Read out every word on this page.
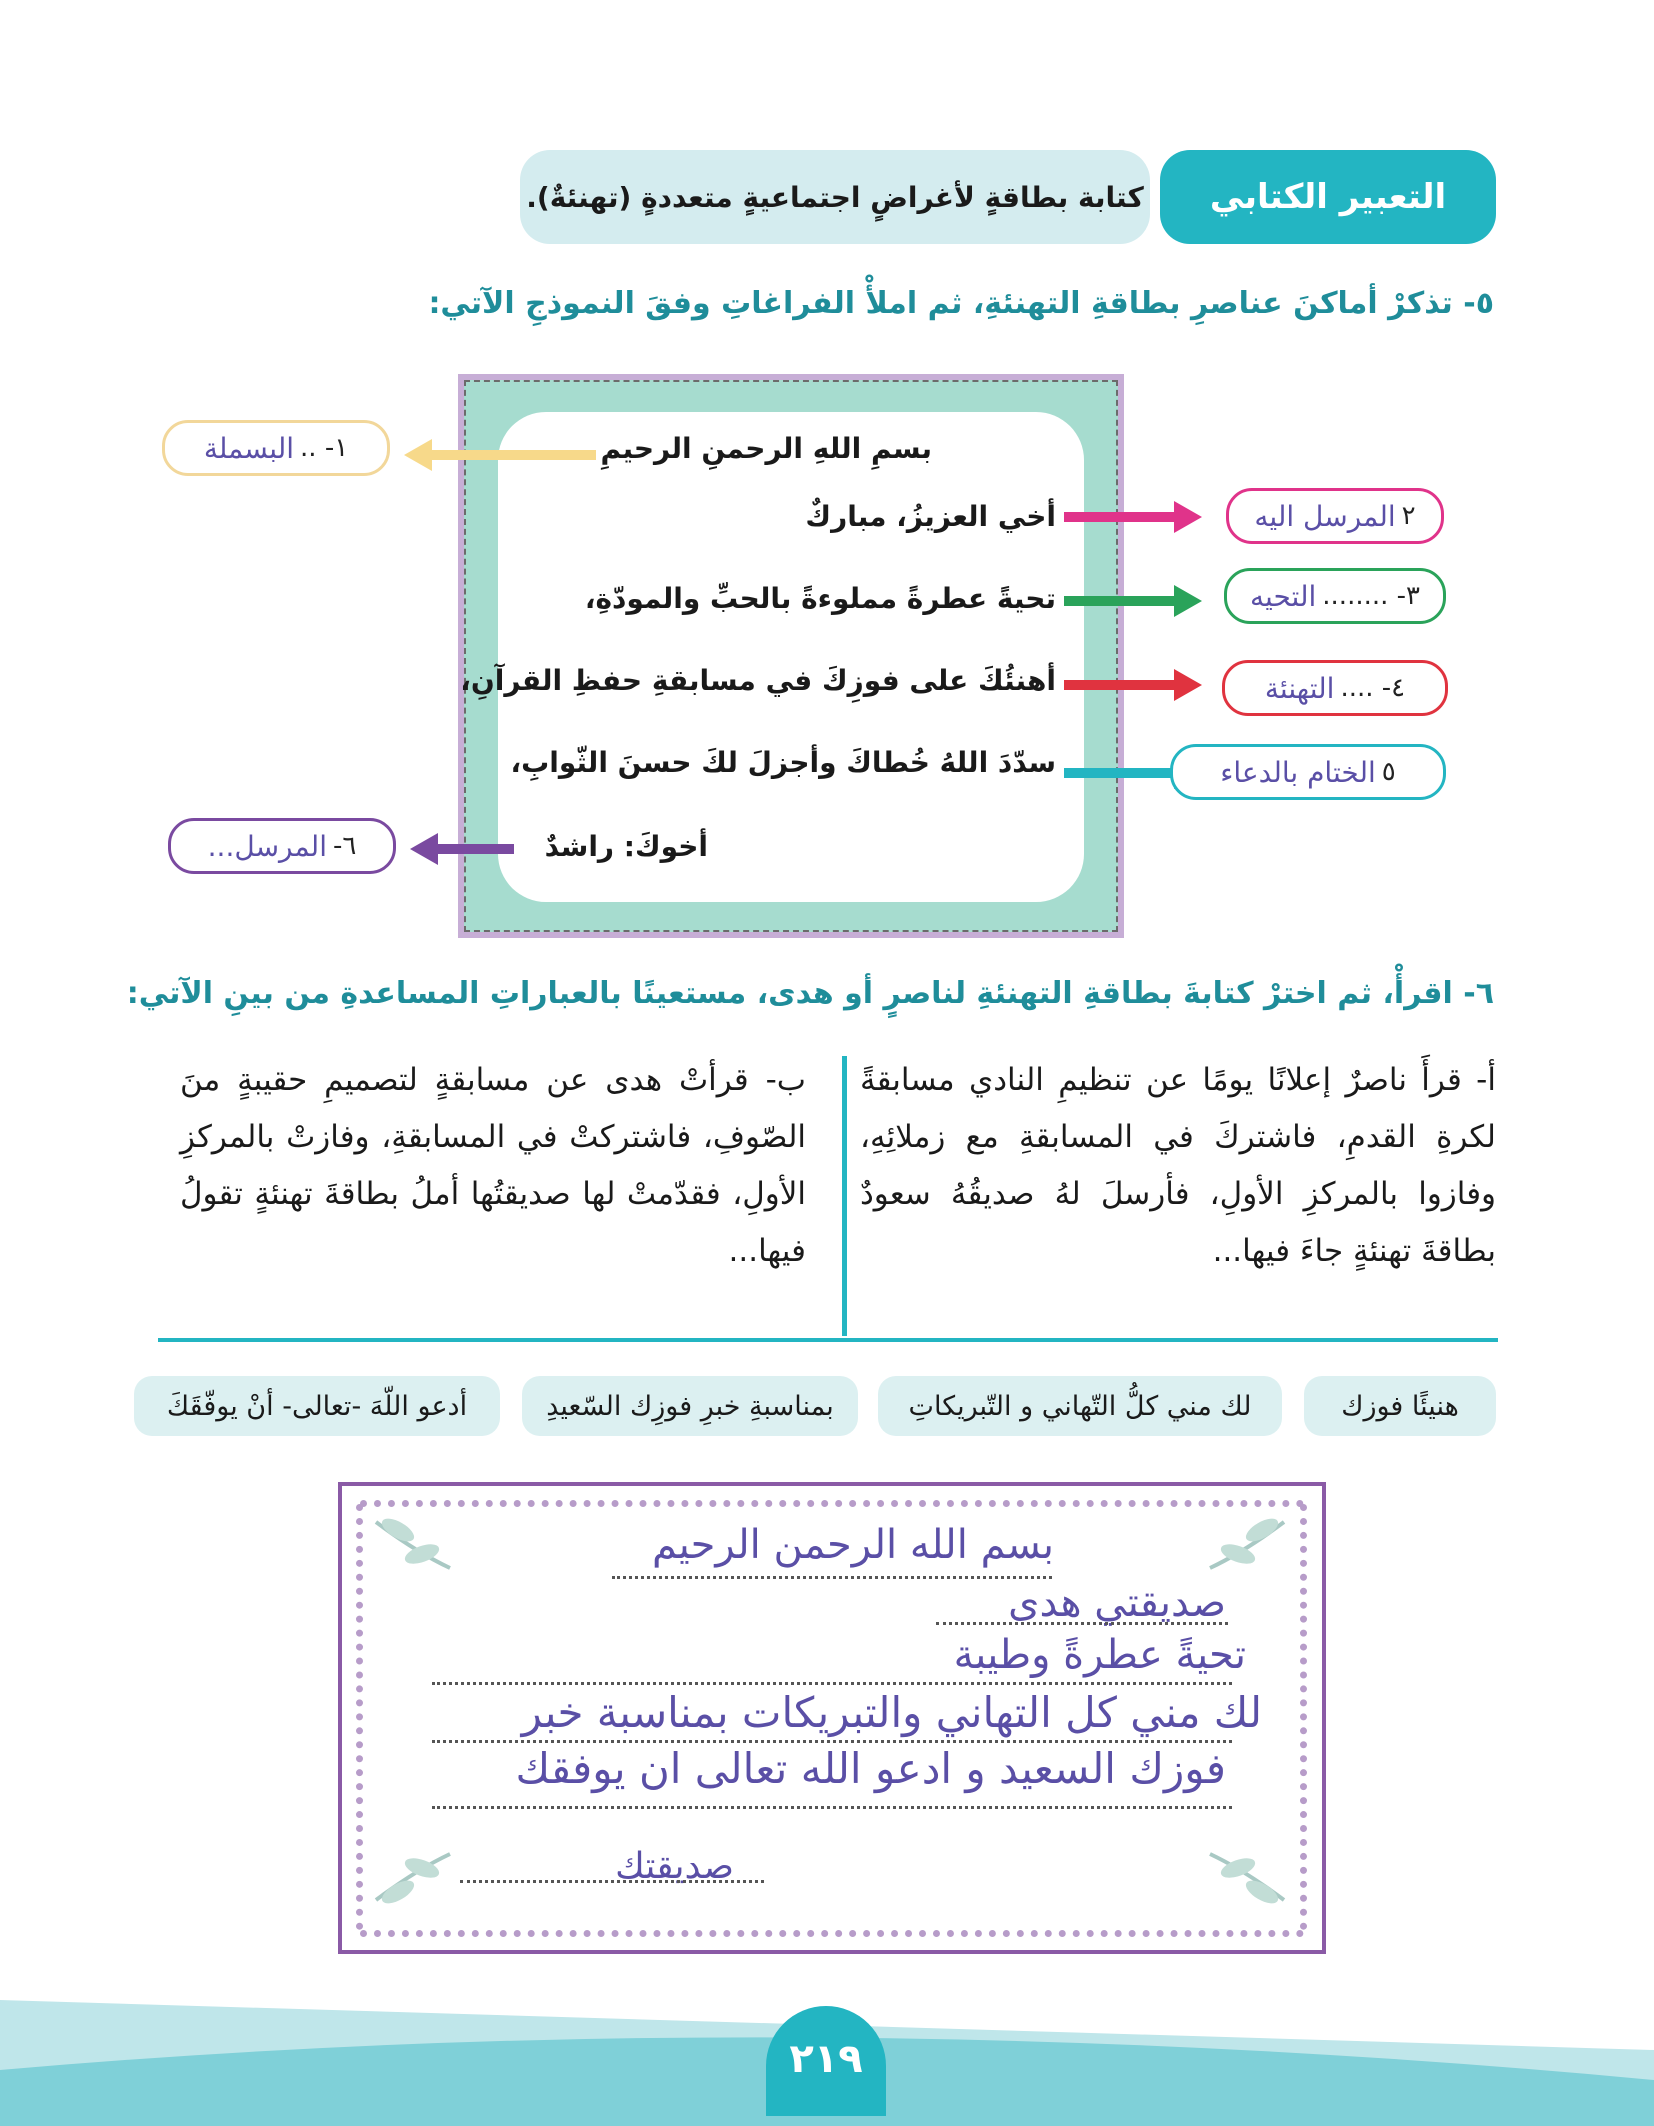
التعبير الكتابي
كتابة بطاقةٍ لأغراضٍ اجتماعيةٍ متعددةٍ (تهنئةٌ).
٥- تذكرْ أماكنَ عناصرِ بطاقةِ التهنئةِ، ثم املأْ الفراغاتِ وفقَ النموذجِ الآتي:
بسمِ اللهِ الرحمنِ الرحيمِ
أخي العزيزُ، مباركٌ
تحيةً عطرةً مملوءةً بالحبِّ والمودّةِ،
أهنئُكَ على فوزِكَ في مسابقةِ حفظِ القرآنِ،
سدّدَ اللهُ خُطاكَ وأجزلَ لكَ حسنَ الثّوابِ،
أخوكَ: راشدٌ
١- ..
البسملة
٢
المرسل اليه
٣- ........
التحيه
٤- ....
التهنئة
٥
الختام بالدعاء
٦-
المرسل...
٦- اقرأْ، ثم اخترْ كتابةَ بطاقةِ التهنئةِ لناصرٍ أو هدى، مستعينًا بالعباراتِ المساعدةِ من بينِ الآتي:
أ- قرأَ ناصرٌ إعلانًا يومًا عن تنظيمِ النادي مسابقةً لكرةِ القدمِ، فاشتركَ في المسابقةِ مع زملائِهِ، وفازوا بالمركزِ الأولِ، فأرسلَ لهُ صديقُهُ سعودٌ بطاقةَ تهنئةٍ جاءَ فيها...
ب- قرأتْ هدى عن مسابقةٍ لتصميمِ حقيبةٍ منَ الصّوفِ، فاشتركتْ في المسابقةِ، وفازتْ بالمركزِ الأولِ، فقدّمتْ لها صديقتُها أملُ بطاقةَ تهنئةٍ تقولُ فيها...
هنيئًا فوزك
لك مني كلُّ التّهاني و التّبريكاتِ
بمناسبةِ خبرِ فوزِك السّعيدِ
أدعو اللّهَ -تعالى- أنْ يوفّقَكَ
بسم الله الرحمن الرحيم
صديقتي هدى
تحيةً عطرةً وطيبة
لك مني كل التهاني والتبريكات بمناسبة خبر
فوزك السعيد و ادعو الله تعالى ان يوفقك
صديقتك
٢١٩
